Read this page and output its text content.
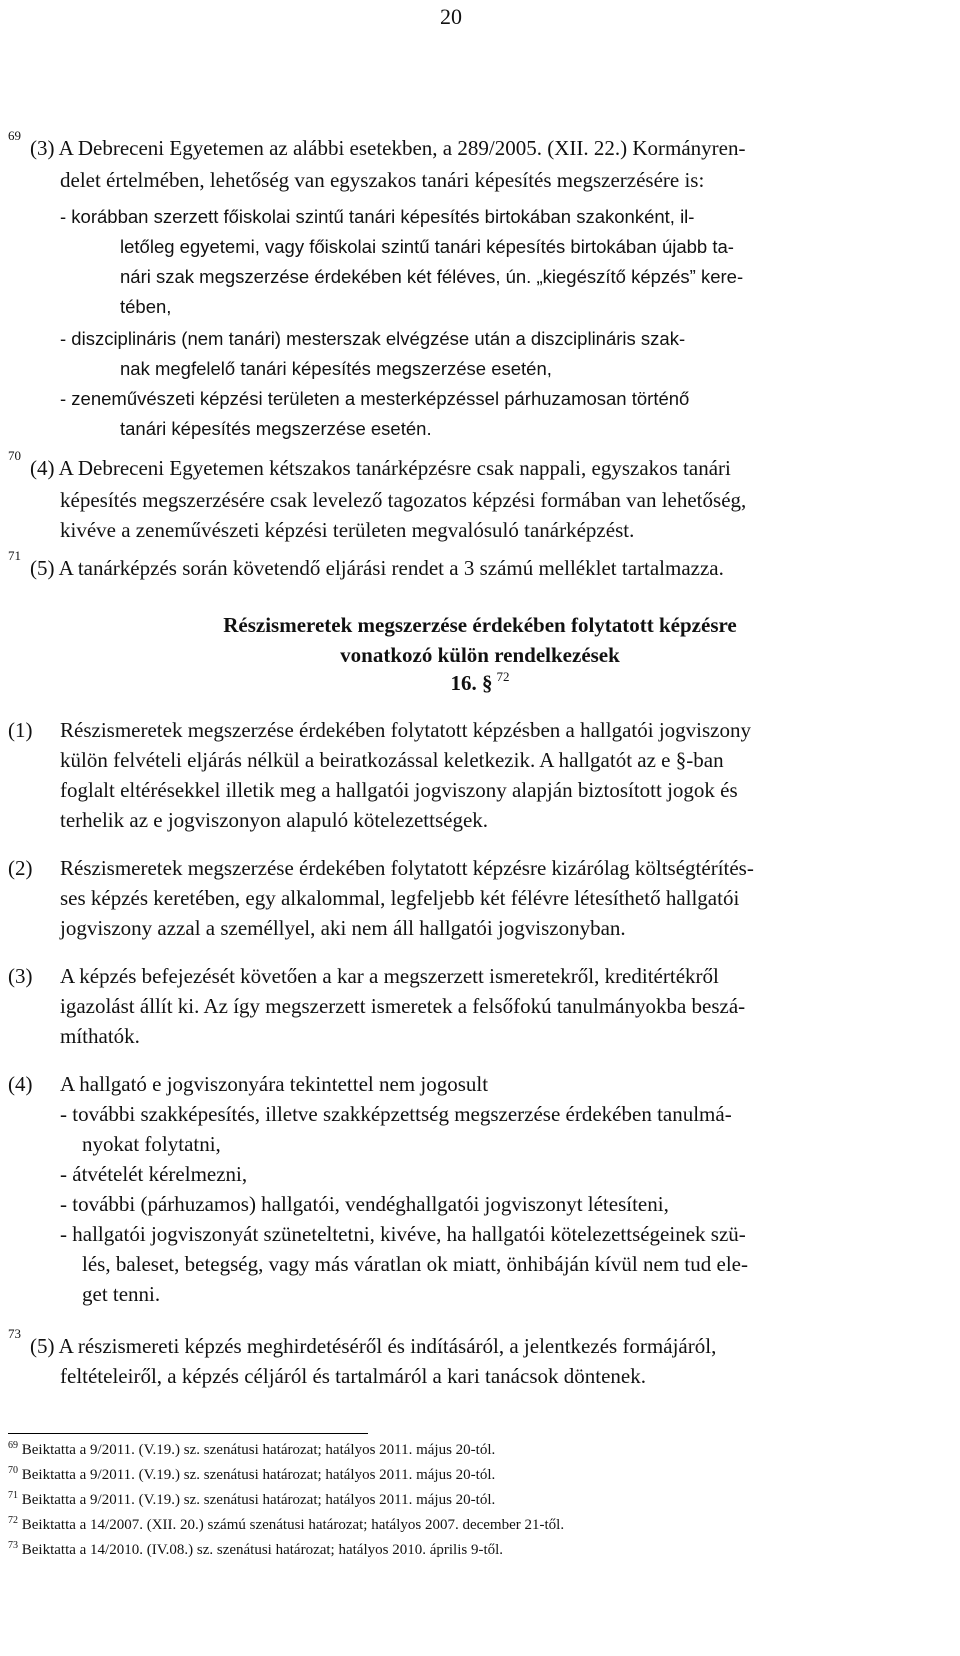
20
69
(3) A Debreceni Egyetemen az alábbi esetekben, a 289/2005. (XII. 22.) Kormányren-
delet értelmében, lehetőség van egyszakos tanári képesítés megszerzésére is:
- korábban szerzett főiskolai szintű tanári képesítés birtokában szakonként, il-
letőleg egyetemi, vagy főiskolai szintű tanári képesítés birtokában újabb ta-
nári szak megszerzése érdekében két féléves, ún. „kiegészítő képzés” kere-
tében,
- diszciplináris (nem tanári) mesterszak elvégzése után a diszciplináris szak-
nak megfelelő tanári képesítés megszerzése esetén,
- zeneművészeti képzési területen a mesterképzéssel párhuzamosan történő
tanári képesítés megszerzése esetén.
70
(4) A Debreceni Egyetemen kétszakos tanárképzésre csak nappali, egyszakos tanári
képesítés megszerzésére csak levelező tagozatos képzési formában van lehetőség,
kivéve a zeneművészeti képzési területen megvalósuló tanárképzést.
71
(5) A tanárképzés során követendő eljárási rendet a 3 számú melléklet tartalmazza.
Részismeretek megszerzése érdekében folytatott képzésre
vonatkozó külön rendelkezések
16. § $^{72}$
(1) Részismeretek megszerzése érdekében folytatott képzésben a hallgatói jogviszony
külön felvételi eljárás nélkül a beiratkozással keletkezik. A hallgatót az e §-ban
foglalt eltérésekkel illetik meg a hallgatói jogviszony alapján biztosított jogok és
terhelik az e jogviszonyon alapuló kötelezettségek.
(2) Részismeretek megszerzése érdekében folytatott képzésre kizárólag költségtérítés-
ses képzés keretében, egy alkalommal, legfeljebb két félévre létesíthető hallgatói
jogviszony azzal a személlyel, aki nem áll hallgatói jogviszonyban.
(3) A képzés befejezését követően a kar a megszerzett ismeretekről, kreditértékről
igazolást állít ki. Az így megszerzett ismeretek a felsőfokú tanulmányokba beszá-
míthatók.
(4) A hallgató e jogviszonyára tekintettel nem jogosult
- további szakképesítés, illetve szakképzettség megszerzése érdekében tanulmá-
nyokat folytatni,
- átvételét kérelmezni,
- további (párhuzamos) hallgatói, vendéghallgatói jogviszonyt létesíteni,
- hallgatói jogviszonyát szüneteltetni, kivéve, ha hallgatói kötelezettségeinek szü-
lés, baleset, betegség, vagy más váratlan ok miatt, önhibáján kívül nem tud ele-
get tenni.
73
(5) A részismereti képzés meghirdetéséről és indításáról, a jelentkezés formájáról,
feltételeiről, a képzés céljáról és tartalmáról a kari tanácsok döntenek.
$^{69}$ Beiktatta a 9/2011. (V.19.) sz. szenátusi határozat; hatályos 2011. május 20-tól.
$^{70}$ Beiktatta a 9/2011. (V.19.) sz. szenátusi határozat; hatályos 2011. május 20-tól.
$^{71}$ Beiktatta a 9/2011. (V.19.) sz. szenátusi határozat; hatályos 2011. május 20-tól.
$^{72}$ Beiktatta a 14/2007. (XII. 20.) számú szenátusi határozat; hatályos 2007. december 21-től.
$^{73}$ Beiktatta a 14/2010. (IV.08.) sz. szenátusi határozat; hatályos 2010. április 9-től.
